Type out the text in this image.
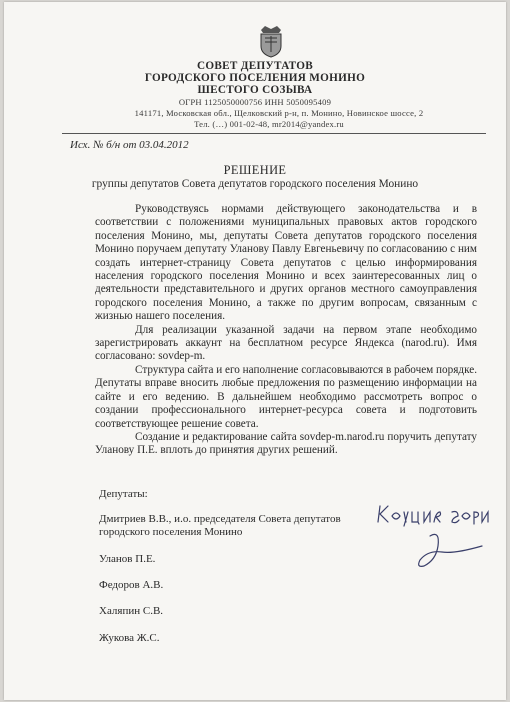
СОВЕТ ДЕПУТАТОВ
ГОРОДСКОГО ПОСЕЛЕНИЯ МОНИНО
ШЕСТОГО СОЗЫВА
ОГРН 1125050000756 ИНН 5050095409
141171, Московская обл., Щелковский р-н, п. Монино, Новинское шоссе, 2
Тел. (…) 001-02-48, mr2014@yandex.ru
Исх. № б/н от 03.04.2012
РЕШЕНИЕ
группы депутатов Совета депутатов городского поселения Монино

Руководствуясь нормами действующего законодательства и в соответствии с положениями муниципальных правовых актов городского поселения Монино, мы, депутаты Совета депутатов городского поселения Монино поручаем депутату Уланову Павлу Евгеньевичу по согласованию с ним создать интернет-страницу Совета депутатов с целью информирования населения городского поселения Монино и всех заинтересованных лиц о деятельности представительного и других органов местного самоуправления городского поселения Монино, а также по другим вопросам, связанным с жизнью нашего поселения.

Для реализации указанной задачи на первом этапе необходимо зарегистрировать аккаунт на бесплатном ресурсе Яндекса (narod.ru). Имя согласовано: sovdep-m.

Структура сайта и его наполнение согласовываются в рабочем порядке. Депутаты вправе вносить любые предложения по размещению информации на сайте и его ведению. В дальнейшем необходимо рассмотреть вопрос о создании профессионального интернет-ресурса совета и подготовить соответствующее решение совета.

Создание и редактирование сайта sovdep-m.narod.ru поручить депутату Уланову П.Е. вплоть до принятия других решений.

Депутаты:
Дмитриев В.В., и.о. председателя Совета депутатов городского поселения Монино
Уланов П.Е.
Федоров А.В.
Халяпин С.В.
Жукова Ж.С.
